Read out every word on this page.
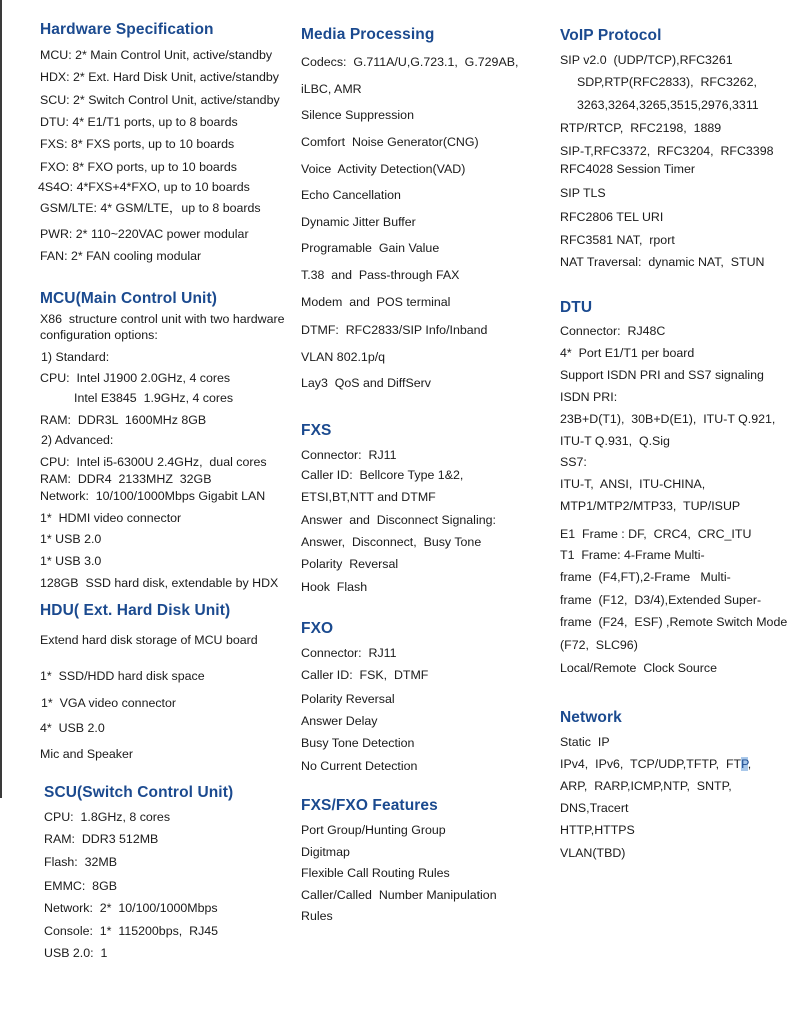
Hardware Specification
MCU: 2* Main Control Unit, active/standby
HDX: 2* Ext. Hard Disk Unit, active/standby
SCU: 2* Switch Control Unit, active/standby
DTU: 4* E1/T1 ports, up to 8 boards
FXS: 8* FXS ports, up to 10 boards
FXO: 8* FXO ports, up to 10 boards
4S4O: 4*FXS+4*FXO, up to 10 boards
GSM/LTE: 4* GSM/LTE，up to 8 boards
PWR: 2* 110~220VAC power modular
FAN: 2* FAN cooling modular
MCU(Main Control Unit)
X86  structure control unit with two hardware
configuration options:
1) Standard:
CPU:  Intel J1900 2.0GHz, 4 cores
Intel E3845  1.9GHz, 4 cores
RAM:  DDR3L  1600MHz 8GB
2) Advanced:
CPU:  Intel i5-6300U 2.4GHz,  dual cores
RAM:  DDR4  2133MHZ  32GB
Network:  10/100/1000Mbps Gigabit LAN
1*  HDMI video connector
1* USB 2.0
1* USB 3.0
128GB  SSD hard disk, extendable by HDX
HDU( Ext. Hard Disk Unit)
Extend hard disk storage of MCU board
1*  SSD/HDD hard disk space
1*  VGA video connector
4*  USB 2.0
Mic and Speaker
SCU(Switch Control Unit)
CPU:  1.8GHz, 8 cores
RAM:  DDR3 512MB
Flash:  32MB
EMMC:  8GB
Network:  2*  10/100/1000Mbps
Console:  1*  115200bps,  RJ45
USB 2.0:  1
Media Processing
Codecs:  G.711A/U,G.723.1,  G.729AB,
iLBC, AMR
Silence Suppression
Comfort  Noise Generator(CNG)
Voice  Activity Detection(VAD)
Echo Cancellation
Dynamic Jitter Buffer
Programable  Gain Value
T.38  and  Pass-through FAX
Modem  and  POS terminal
DTMF:  RFC2833/SIP Info/Inband
VLAN 802.1p/q
Lay3  QoS and DiffServ
FXS
Connector:  RJ11
Caller ID:  Bellcore Type 1&2,
ETSI,BT,NTT and DTMF
Answer  and  Disconnect Signaling:
Answer,  Disconnect,  Busy Tone
Polarity  Reversal
Hook  Flash
FXO
Connector:  RJ11
Caller ID:  FSK,  DTMF
Polarity Reversal
Answer Delay
Busy Tone Detection
No Current Detection
FXS/FXO Features
Port Group/Hunting Group
Digitmap
Flexible Call Routing Rules
Caller/Called  Number Manipulation
Rules
VoIP Protocol
SIP v2.0  (UDP/TCP),RFC3261
SDP,RTP(RFC2833),  RFC3262,
3263,3264,3265,3515,2976,3311
RTP/RTCP,  RFC2198,  1889
SIP-T,RFC3372,  RFC3204,  RFC3398
RFC4028 Session Timer
SIP TLS
RFC2806 TEL URI
RFC3581 NAT,  rport
NAT Traversal:  dynamic NAT,  STUN
DTU
Connector:  RJ48C
4*  Port E1/T1 per board
Support ISDN PRI and SS7 signaling
ISDN PRI:
23B+D(T1),  30B+D(E1),  ITU-T Q.921,
ITU-T Q.931,  Q.Sig
SS7:
ITU-T,  ANSI,  ITU-CHINA,
MTP1/MTP2/MTP33,  TUP/ISUP
E1  Frame : DF,  CRC4,  CRC_ITU
T1  Frame: 4-Frame Multi-
frame  (F4,FT),2-Frame   Multi-
frame  (F12,  D3/4),Extended Super-
frame  (F24,  ESF) ,Remote Switch Mode
(F72,  SLC96)
Local/Remote  Clock Source
Network
Static  IP
IPv4,  IPv6,  TCP/UDP,TFTP,  FTP,
ARP,  RARP,ICMP,NTP,  SNTP,
DNS,Tracert
HTTP,HTTPS
VLAN(TBD)
